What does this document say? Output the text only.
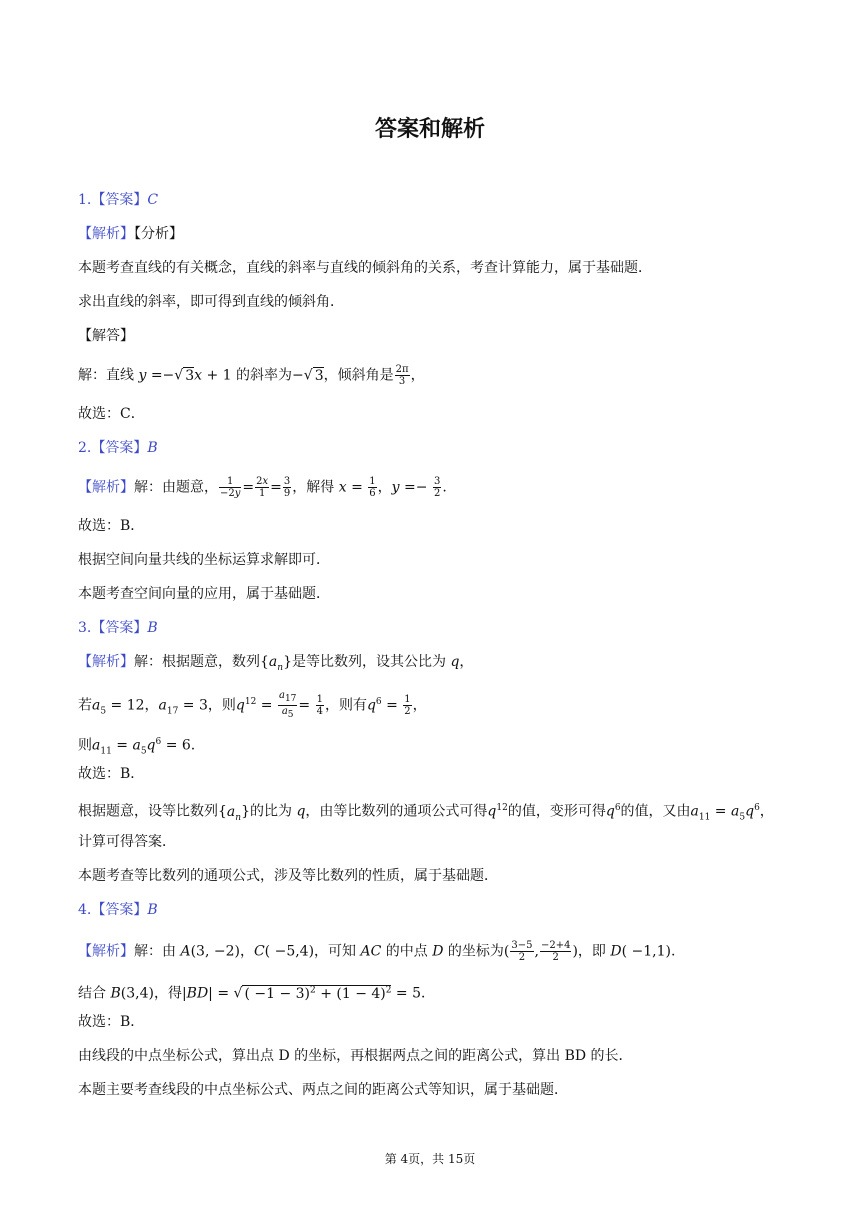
答案和解析
1.【答案】C
【解析】【分析】
本题考查直线的有关概念，直线的斜率与直线的倾斜角的关系，考查计算能力，属于基础题．
求出直线的斜率，即可得到直线的倾斜角．
【解答】
解：直线 y =−√ 3x + 1 的斜率为−√ 3，倾斜角是 $\frac{2\pi}{3}$ ，
故选：C．
2.【答案】B
【解析】解：由题意， $\frac{1}{-2y} = \frac{2x}{1} = \frac{3}{9}$ ，解得 $x = \frac{1}{6}$ ，$y =- \frac{3}{2}$ .
故选：B．
根据空间向量共线的坐标运算求解即可．
本题考查空间向量的应用，属于基础题．
3.【答案】B
【解析】解：根据题意，数列$\{a_n\}$是等比数列，设其公比为 q，
若$a_5 = 12$，$a_{17} = 3$，则$q^{12} = \frac{a_{17}}{a_5} = \frac{1}{4}$ ，则有$q^6 = \frac{1}{2}$ ，
则$a_{11} = a_5q^6 = 6$.
故选：B．
根据题意，设等比数列$\{a_n\}$的比为 q，由等比数列的通项公式可得$q^{12}$的值，变形可得$q^6$的值，又由$a_{11} = a_5q^6$，
计算可得答案．
本题考查等比数列的通项公式，涉及等比数列的性质，属于基础题．
4.【答案】B
【解析】解：由 A(3, −2)，C( −5,4)，可知 AC 的中点 D 的坐标为( $\frac{3-5}{2}$ , $\frac{-2+4}{2}$ )，即 D( −1,1).
结合 B(3,4)，得|BD| = √ ( $-1 - 3)^2 + (1 - 4)^2 = 5$．
故选：B．
由线段的中点坐标公式，算出点 D 的坐标，再根据两点之间的距离公式，算出 BD 的长．
本题主要考查线段的中点坐标公式、两点之间的距离公式等知识，属于基础题．
第 4页，共 15页
